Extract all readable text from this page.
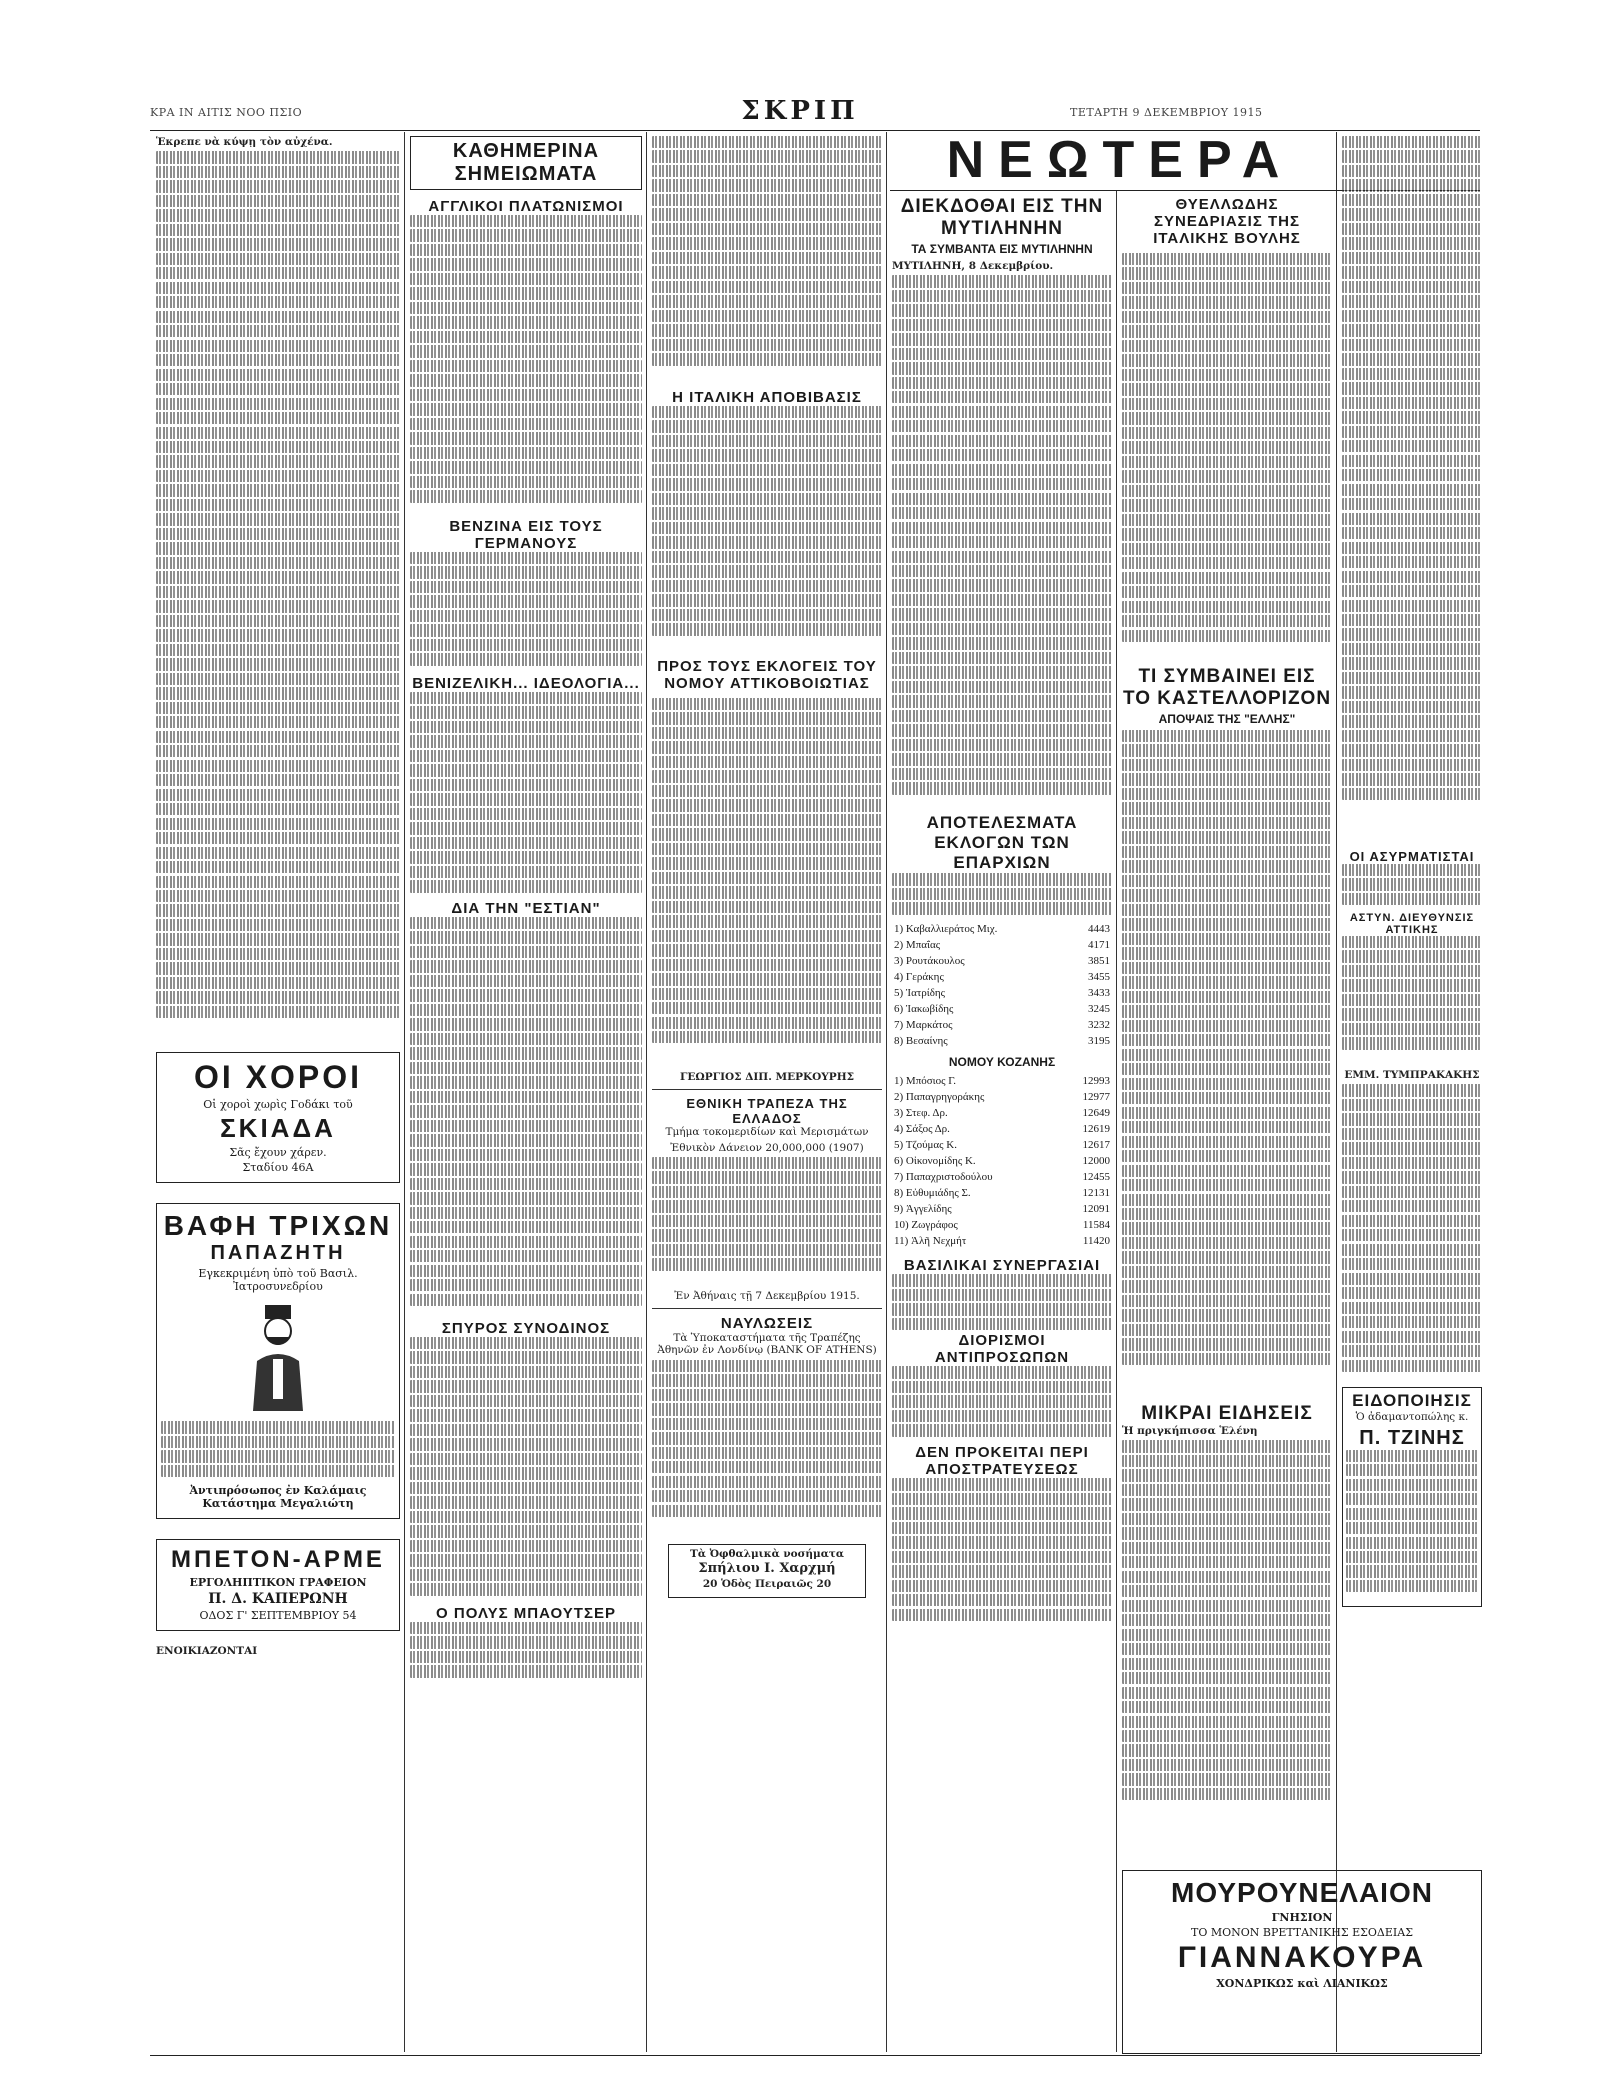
ΚΡΑ ΙΝ ΑΙΤΙΣ ΝΟΟ ΠΣΙΟ	ΣΚΡΙΠ	ΤΕΤΑΡΤΗ 9 ΔΕΚΕΜΒΡΙΟΥ 1915
Ἑκρεπε νὰ κύψῃ τὸν αὐχένα.
ΟΙ ΧΟΡΟΙ
Οἱ χοροὶ χωρὶς Γοδάκι τοῦ
ΣΚΙΑΔΑ
Σᾶς ἔχουν χάρεν.
Σταδίου 46Α
ΒΑΦΗ ΤΡΙΧΩΝ
ΠΑΠΑΖΗΤΗ
Εγκεκριμένη ὑπὸ τοῦ Βασιλ. Ἰατροσυνεδρίου
Ἀντιπρόσωπος ἐν Καλάμαις Κατάστημα Μεγαλιώτη
ΜΠΕΤΟΝ-ΑΡΜΕ
ΕΡΓΟΛΗΠΤΙΚΟΝ ΓΡΑΦΕΙΟΝ
Π. Δ. ΚΑΠΕΡΩΝΗ
ΟΔΟΣ Γ' ΣΕΠΤΕΜΒΡΙΟΥ 54
ΕΝΟΙΚΙΑΖΟΝΤΑΙ
ΚΑΘΗΜΕΡΙΝΑ ΣΗΜΕΙΩΜΑΤΑ
ΑΓΓΛΙΚΟΙ ΠΛΑΤΩΝΙΣΜΟΙ
ΒΕΝΖΙΝΑ ΕΙΣ ΤΟΥΣ ΓΕΡΜΑΝΟΥΣ
ΒΕΝΙΖΕΛΙΚΗ... ΙΔΕΟΛΟΓΙΑ...
ΔΙΑ ΤΗΝ "ΕΣΤΙΑΝ"
ΣΠΥΡΟΣ ΣΥΝΟΔΙΝΟΣ
Ο ΠΟΛΥΣ ΜΠΑΟΥΤΣΕΡ
Η ΙΤΑΛΙΚΗ ΑΠΟΒΙΒΑΣΙΣ
ΠΡΟΣ ΤΟΥΣ ΕΚΛΟΓΕΙΣ ΤΟΥ ΝΟΜΟΥ ΑΤΤΙΚΟΒΟΙΩΤΙΑΣ
ΓΕΩΡΓΙΟΣ ΔΙΠ. ΜΕΡΚΟΥΡΗΣ
ΕΘΝΙΚΗ ΤΡΑΠΕΖΑ ΤΗΣ ΕΛΛΑΔΟΣ
Τμήμα τοκομεριδίων καὶ Μερισμάτων
Ἐθνικὸν Δάνειον 20,000,000 (1907)
Ἐν Ἀθήναις τῇ 7 Δεκεμβρίου 1915.
ΝΑΥΛΩΣΕΙΣ
Τὰ Ὑποκαταστήματα τῆς Τραπέζης Ἀθηνῶν ἐν Λονδίνῳ (BANK OF ATHENS)
Τὰ Ὀφθαλμικὰ νοσήματα
Σπήλιου Ι. Χαρχμή
20 Ὁδὸς Πειραιῶς 20
ΝΕΩΤΕΡΑ
ΔΙΕΚΔΟΘΑΙ ΕΙΣ ΤΗΝ ΜΥΤΙΛΗΝΗΝ
ΤΑ ΣΥΜΒΑΝΤΑ ΕΙΣ ΜΥΤΙΛΗΝΗΝ
ΜΥΤΙΛΗΝΗ, 8 Δεκεμβρίου.
ΑΠΟΤΕΛΕΣΜΑΤΑ ΕΚΛΟΓΩΝ ΤΩΝ ΕΠΑΡΧΙΩΝ
1) Καβαλλιεράτος Μιχ.	4443
2) Μπαΐας	4171
3) Ρουτάκουλος	3851
4) Γεράκης	3455
5) Ἰατρίδης	3433
6) Ἰακωβίδης	3245
7) Μαρκάτος	3232
8) Βεσαίνης	3195
ΝΟΜΟΥ ΚΟΖΑΝΗΣ
1) Μπόσιος Γ.	12993
2) Παπαγρηγοράκης	12977
3) Στεφ. Δρ.	12649
4) Σάξος Δρ.	12619
5) Τζούμας Κ.	12617
6) Οἰκονομίδης Κ.	12000
7) Παπαχριστοδούλου	12455
8) Εὐθυμιάδης Σ.	12131
9) Ἀγγελίδης	12091
10) Ζωγράφος	11584
11) Ἀλῆ Νεχμήτ	11420
ΒΑΣΙΛΙΚΑΙ ΣΥΝΕΡΓΑΣΙΑΙ
ΔΙΟΡΙΣΜΟΙ ΑΝΤΙΠΡΟΣΩΠΩΝ
ΔΕΝ ΠΡΟΚΕΙΤΑΙ ΠΕΡΙ ΑΠΟΣΤΡΑΤΕΥΣΕΩΣ
ΘΥΕΛΛΩΔΗΣ ΣΥΝΕΔΡΙΑΣΙΣ ΤΗΣ ΙΤΑΛΙΚΗΣ ΒΟΥΛΗΣ
ΤΙ ΣΥΜΒΑΙΝΕΙ ΕΙΣ ΤΟ ΚΑΣΤΕΛΛΟΡΙΖΟΝ
ΑΠΟΨΑΙΣ ΤΗΣ "ΕΛΛΗΣ"
ΜΙΚΡΑΙ ΕΙΔΗΣΕΙΣ
Ἡ πριγκήπισσα Ἑλένη
ΟΙ ΑΣΥΡΜΑΤΙΣΤΑΙ
ΑΣΤΥΝ. ΔΙΕΥΘΥΝΣΙΣ ΑΤΤΙΚΗΣ
ΕΜΜ. ΤΥΜΠΡΑΚΑΚΗΣ
ΕΙΔΟΠΟΙΗΣΙΣ
Ὁ ἀδαμαντοπώλης κ.
Π. ΤΖΙΝΗΣ
ΜΟΥΡΟΥΝΕΛΑΙΟΝ
ΓΝΗΣΙΟΝ
ΤΟ ΜΟΝΟΝ ΒΡΕΤΤΑΝΙΚΗΣ ΕΣΟΔΕΙΑΣ
ΓΙΑΝΝΑΚΟΥΡΑ
ΧΟΝΔΡΙΚΩΣ καὶ ΛΙΑΝΙΚΩΣ
